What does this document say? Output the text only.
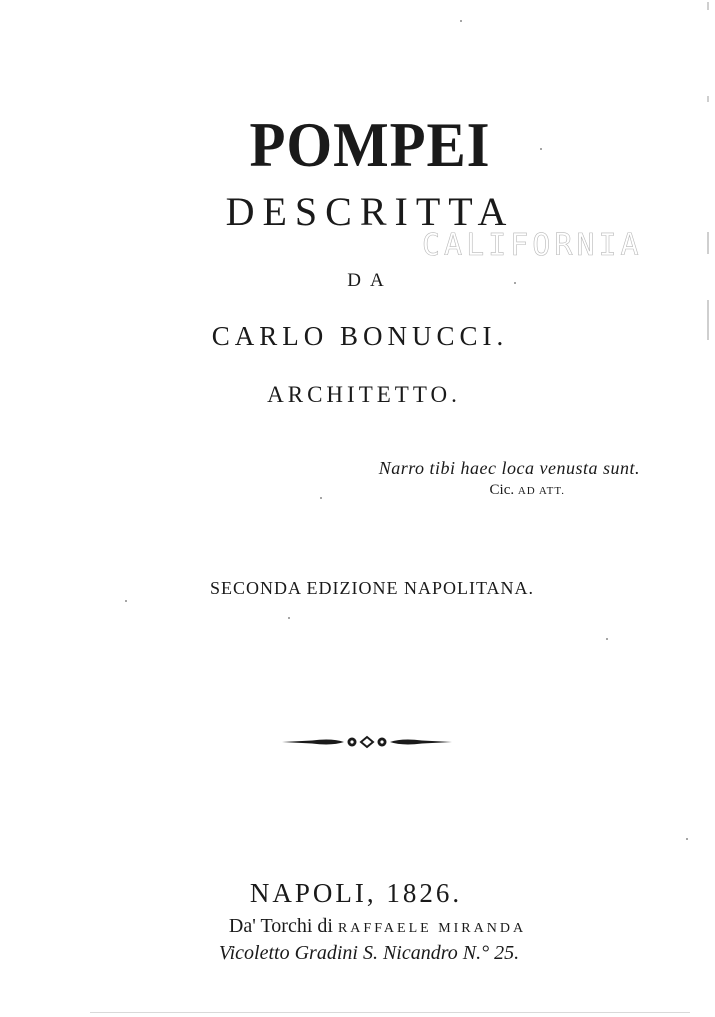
POMPEI
DESCRITTA
CALIFORNIA
DA
CARLO BONUCCI.
ARCHITETTO.
Narro tibi haec loca venusta sunt.
Cic. AD ATT.
SECONDA EDIZIONE NAPOLITANA.
NAPOLI, 1826.
Da' Torchi di RAFFAELE MIRANDA
Vicoletto Gradini S. Nicandro N.° 25.
